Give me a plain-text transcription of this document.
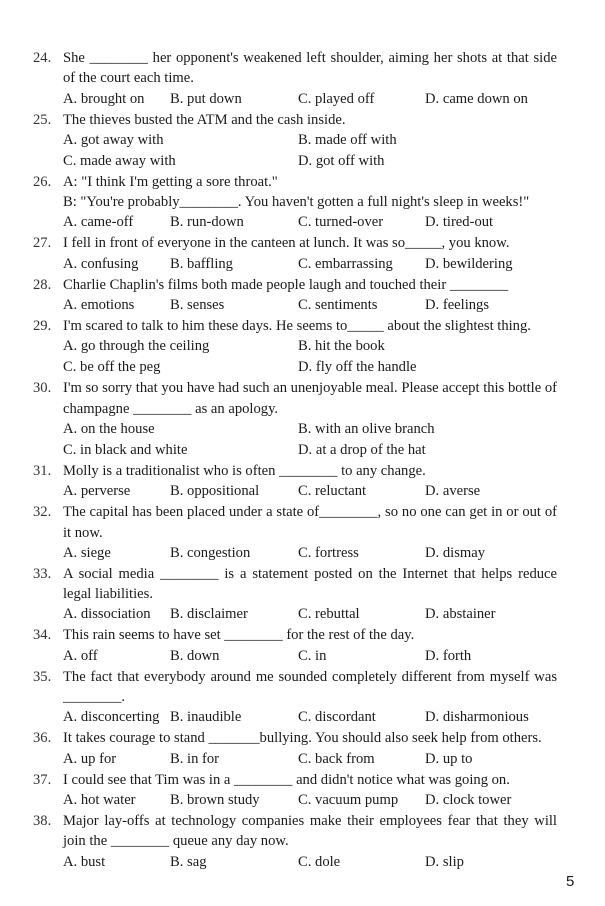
24. She ________ her opponent's weakened left shoulder, aiming her shots at that side of the court each time.
A. brought on	B. put down	C. played off	D. came down on
25. The thieves busted the ATM and the cash inside.
A. got away with	B. made off with
C. made away with	D. got off with
26. A: "I think I'm getting a sore throat."
B: "You're probably________. You haven't gotten a full night's sleep in weeks!"
A. came-off	B. run-down	C. turned-over	D. tired-out
27. I fell in front of everyone in the canteen at lunch. It was so_____, you know.
A. confusing	B. baffling	C. embarrassing	D. bewildering
28. Charlie Chaplin's films both made people laugh and touched their ________
A. emotions	B. senses	C. sentiments	D. feelings
29. I'm scared to talk to him these days. He seems to_____ about the slightest thing.
A. go through the ceiling	B. hit the book
C. be off the peg	D. fly off the handle
30. I'm so sorry that you have had such an unenjoyable meal. Please accept this bottle of champagne ________ as an apology.
A. on the house	B. with an olive branch
C. in black and white	D. at a drop of the hat
31. Molly is a traditionalist who is often ________ to any change.
A. perverse	B. oppositional	C. reluctant	D. averse
32. The capital has been placed under a state of________, so no one can get in or out of it now.
A. siege	B. congestion	C. fortress	D. dismay
33. A social media ________ is a statement posted on the Internet that helps reduce legal liabilities.
A. dissociation	B. disclaimer	C. rebuttal	D. abstainer
34. This rain seems to have set ________ for the rest of the day.
A. off	B. down	C. in	D. forth
35. The fact that everybody around me sounded completely different from myself was ________.
A. disconcerting B. inaudible	C. discordant	D. disharmonious
36. It takes courage to stand _______bullying. You should also seek help from others.
A. up for	B. in for	C. back from	D. up to
37. I could see that Tim was in a ________ and didn't notice what was going on.
A. hot water	B. brown study	C. vacuum pump	D. clock tower
38. Major lay-offs at technology companies make their employees fear that they will join the ________ queue any day now.
A. bust	B. sag	C. dole	D. slip
5
